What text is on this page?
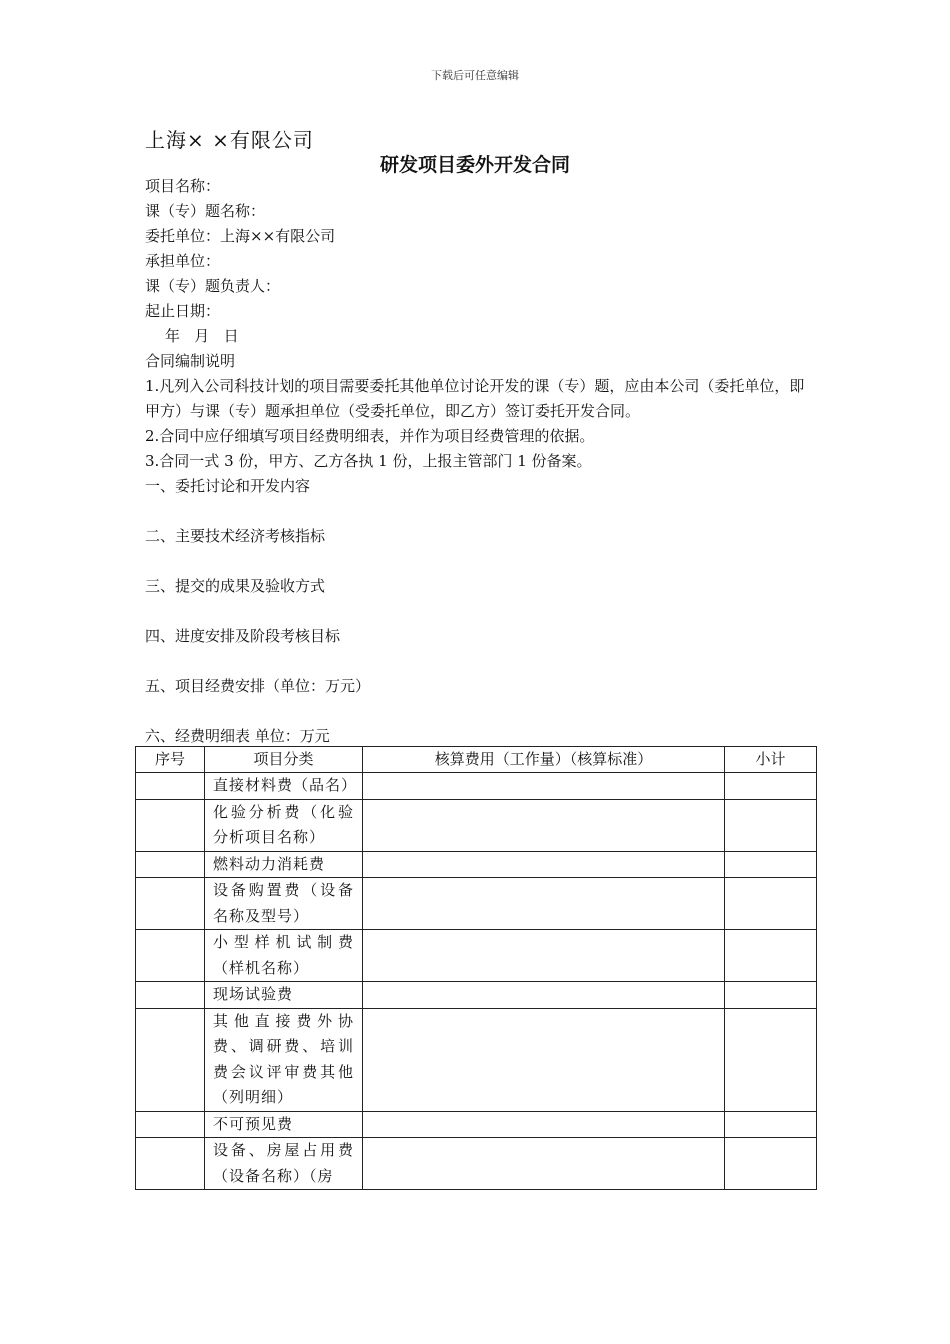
下载后可任意编辑
上海× ×有限公司
研发项目委外开发合同

项目名称：

课（专）题名称：

委托单位：上海××有限公司

承担单位：

课（专）题负责人：

起止日期：

年   月   日

合同编制说明

1.凡列入公司科技计划的项目需要委托其他单位讨论开发的课（专）题，应由本公司（委托单位，即甲方）与课（专）题承担单位（受委托单位，即乙方）签订委托开发合同。

2.合同中应仔细填写项目经费明细表，并作为项目经费管理的依据。

3.合同一式 3 份，甲方、乙方各执 1 份，上报主管部门 1 份备案。

一、委托讨论和开发内容

二、主要技术经济考核指标

三、提交的成果及验收方式

四、进度安排及阶段考核目标

五、项目经费安排（单位：万元）

六、经费明细表 单位：万元

序号	项目分类	核算费用（工作量）（核算标准）	小计
	直接材料费（品名）		
	化验分析费（化验分析项目名称）		
	燃料动力消耗费		
	设备购置费（设备名称及型号）		
	小型样机试制费（样机名称）		
	现场试验费		
	其他直接费外协费、调研费、培训费会议评审费其他（列明细）		
	不可预见费		
	设备、房屋占用费（设备名称）（房		
